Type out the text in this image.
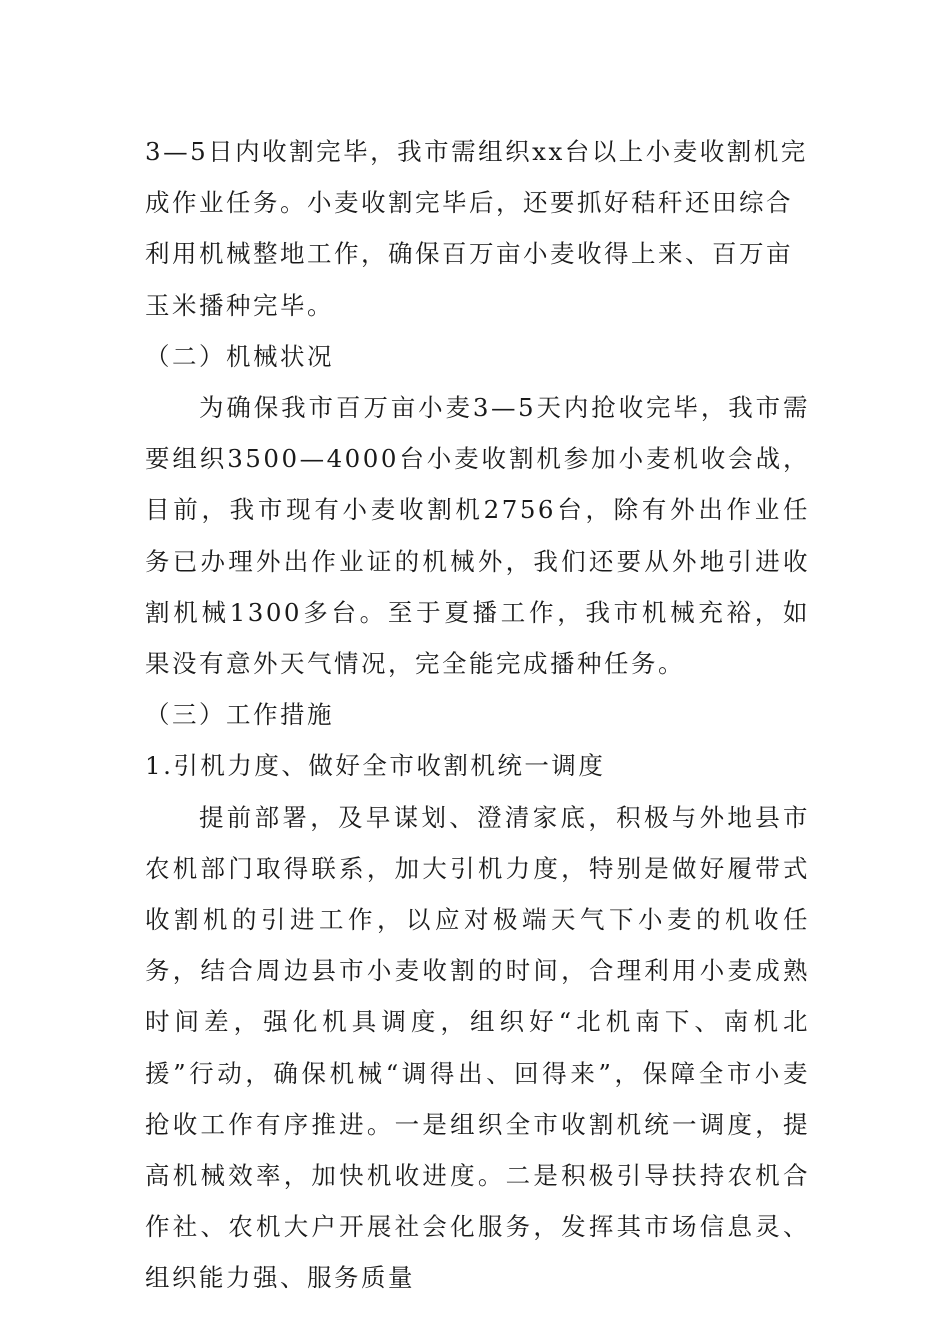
3—5日内收割完毕，我市需组织xx台以上小麦收割机完成作业任务。小麦收割完毕后，还要抓好秸秆还田综合利用机械整地工作，确保百万亩小麦收得上来、百万亩玉米播种完毕。

（二）机械状况

为确保我市百万亩小麦3—5天内抢收完毕，我市需要组织3500—4000台小麦收割机参加小麦机收会战，目前，我市现有小麦收割机2756台，除有外出作业任务已办理外出作业证的机械外，我们还要从外地引进收割机械1300多台。至于夏播工作，我市机械充裕，如果没有意外天气情况，完全能完成播种任务。

（三）工作措施

1.引机力度、做好全市收割机统一调度

提前部署，及早谋划、澄清家底，积极与外地县市农机部门取得联系，加大引机力度，特别是做好履带式收割机的引进工作，以应对极端天气下小麦的机收任务，结合周边县市小麦收割的时间，合理利用小麦成熟时间差，强化机具调度，组织好“北机南下、南机北援”行动，确保机械“调得出、回得来”，保障全市小麦抢收工作有序推进。一是组织全市收割机统一调度，提高机械效率，加快机收进度。二是积极引导扶持农机合作社、农机大户开展社会化服务，发挥其市场信息灵、组织能力强、服务质量
